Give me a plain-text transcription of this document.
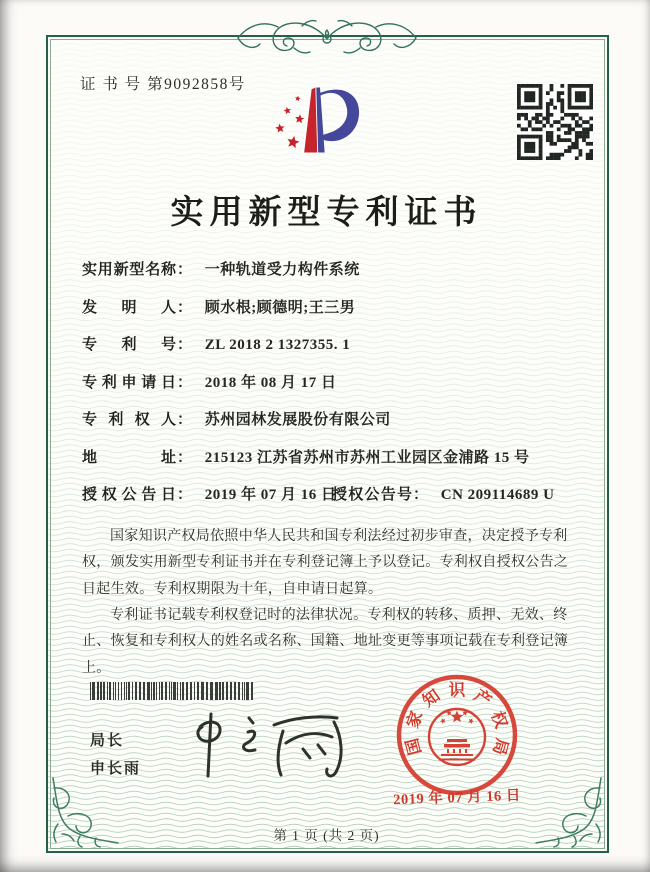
证 书 号 第9092858号
实用新型专利证书
实用新型名称： 一种轨道受力构件系统
发明人： 顾水根;顾德明;王三男
专利号： ZL 2018 2 1327355. 1
专利申请日： 2018 年 08 月 17 日
专利权人： 苏州园林发展股份有限公司
地址： 215123 江苏省苏州市苏州工业园区金浦路 15 号
授权公告日： 2019 年 07 月 16 日
授权公告号： CN 209114689 U

国家知识产权局依照中华人民共和国专利法经过初步审查，决定授予专利权，颁发实用新型专利证书并在专利登记簿上予以登记。专利权自授权公告之日起生效。专利权期限为十年，自申请日起算。

专利证书记载专利权登记时的法律状况。专利权的转移、质押、无效、终止、恢复和专利权人的姓名或名称、国籍、地址变更等事项记载在专利登记簿上。

局长
申长雨
国
家
知 识 产
权
局
2019 年 07 月 16 日
第 1 页 (共 2 页)
